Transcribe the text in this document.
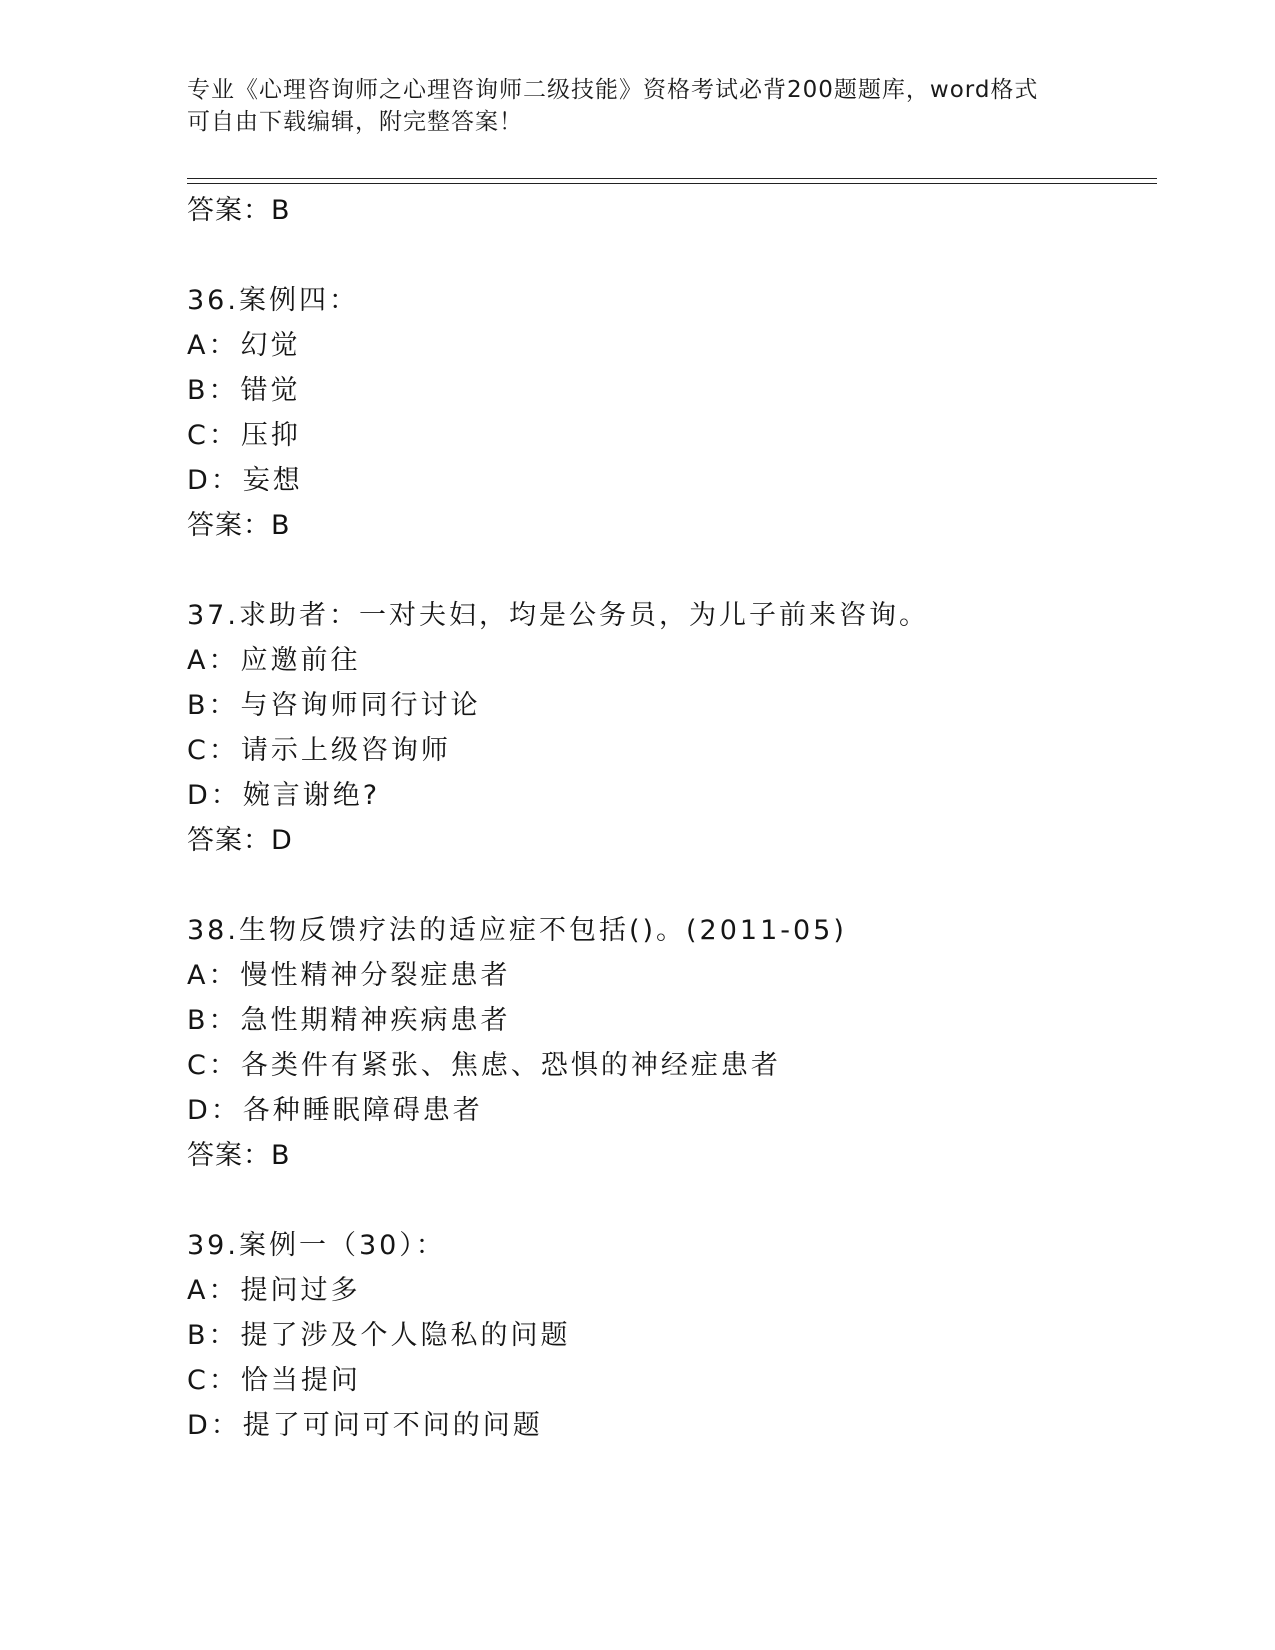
专业《心理咨询师之心理咨询师二级技能》资格考试必背200题题库，word格式
可自由下载编辑，附完整答案！
答案：B
36.案例四：
A：幻觉
B：错觉
C：压抑
D：妄想
答案：B
37.求助者：一对夫妇，均是公务员，为儿子前来咨询。
A：应邀前往
B：与咨询师同行讨论
C：请示上级咨询师
D：婉言谢绝?
答案：D
38.生物反馈疗法的适应症不包括()。(2011-05)
A：慢性精神分裂症患者
B：急性期精神疾病患者
C：各类件有紧张、焦虑、恐惧的神经症患者
D：各种睡眠障碍患者
答案：B
39.案例一（30）：
A：提问过多
B：提了涉及个人隐私的问题
C：恰当提问
D：提了可问可不问的问题
